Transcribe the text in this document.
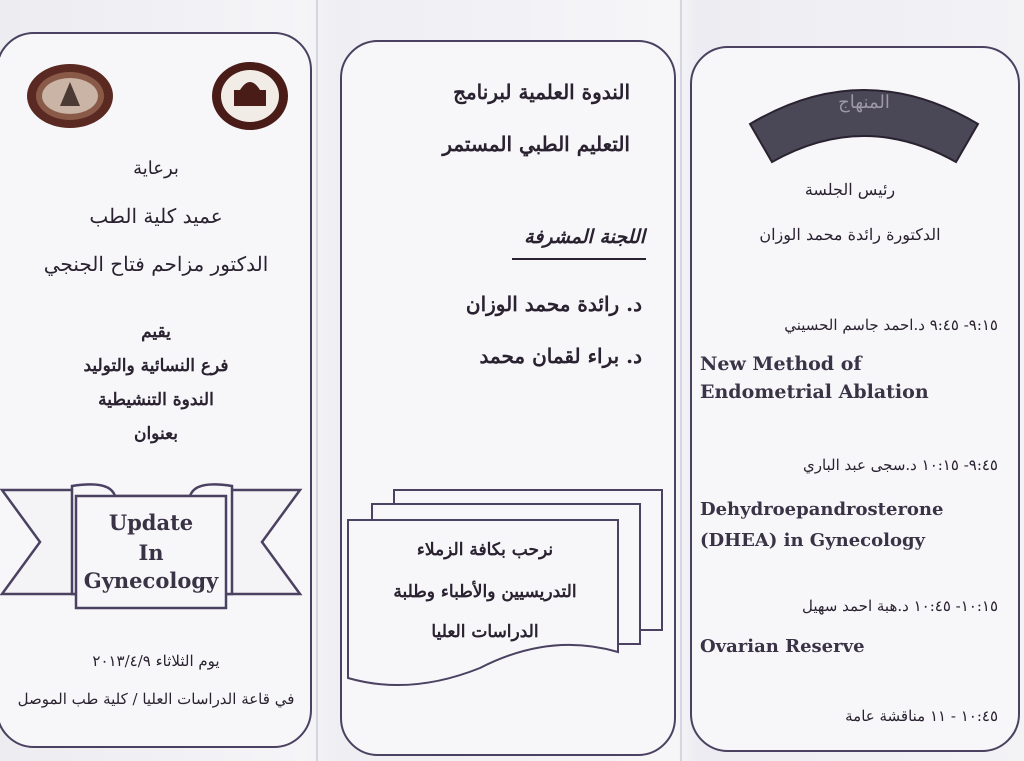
برعاية
عميد كلية الطب
الدكتور مزاحم فتاح الجنجي
يقيم
فرع النسائية والتوليد
الندوة التنشيطية
بعنوان
Update
In
Gynecology
يوم الثلاثاء ٢٠١٣/٤/٩
في قاعة الدراسات العليا / كلية طب الموصل
الندوة العلمية لبرنامج
التعليم الطبي المستمر
اللجنة المشرفة
د. رائدة محمد الوزان
د. براء لقمان محمد
نرحب بكافة الزملاء
التدريسيين والأطباء وطلبة
الدراسات العليا
المنهاج
رئيس الجلسة
الدكتورة رائدة محمد الوزان
٩:١٥- ٩:٤٥ د.احمد جاسم الحسيني
New Method of Endometrial Ablation
٩:٤٥- ١٠:١٥ د.سجى عبد الباري
Dehydroepandrosterone (DHEA) in Gynecology
١٠:١٥- ١٠:٤٥ د.هبة احمد سهيل
Ovarian Reserve
١٠:٤٥ - ١١ مناقشة عامة
